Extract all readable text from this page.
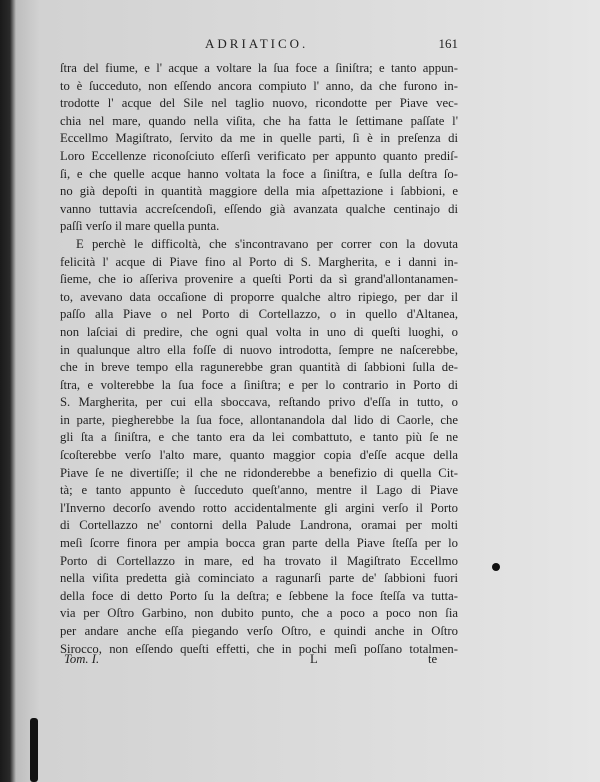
ADRIATICO.	161
ſtra del fiume, e l' acque a voltare la ſua foce a ſiniſtra; e tanto appun-
to è ſucceduto, non eſſendo ancora compiuto l' anno, da che furono in-
trodotte l' acque del Sile nel taglio nuovo, ricondotte per Piave vec-
chia nel mare, quando nella viſita, che ha fatta le ſettimane paſſate l'
Eccellmo Magiſtrato, ſervito da me in quelle parti, ſi è in preſenza di
Loro Eccellenze riconoſciuto eſſerſi verificato per appunto quanto prediſ-
ſi, e che quelle acque hanno voltata la foce a ſiniſtra, e ſulla deſtra ſo-
no già depoſti in quantità maggiore della mia aſpettazione i ſabbioni, e
vanno tuttavia accreſcendoſi, eſſendo già avanzata qualche centinajo di
paſſi verſo il mare quella punta.
E perchè le difficoltà, che s'incontravano per correr con la dovuta
felicità l' acque di Piave fino al Porto di S. Margherita, e i danni in-
ſieme, che io aſſeriva provenire a queſti Porti da sì grand'allontanamen-
to, avevano data occaſione di proporre qualche altro ripiego, per dar il
paſſo alla Piave o nel Porto di Cortellazzo, o in quello d'Altanea,
non laſciai di predire, che ogni qual volta in uno di queſti luoghi, o
in qualunque altro ella foſſe di nuovo introdotta, ſempre ne naſcerebbe,
che in breve tempo ella ragunerebbe gran quantità di ſabbioni ſulla de-
ſtra, e volterebbe la ſua foce a ſiniſtra; e per lo contrario in Porto di
S. Margherita, per cui ella sboccava, reſtando privo d'eſſa in tutto, o
in parte, piegherebbe la ſua foce, allontanandola dal lido di Caorle, che
gli ſta a ſiniſtra, e che tanto era da lei combattuto, e tanto più ſe ne
ſcoſterebbe verſo l'alto mare, quanto maggior copia d'eſſe acque della
Piave ſe ne divertiſſe; il che ne ridonderebbe a benefizio di quella Cit-
tà; e tanto appunto è ſucceduto queſt'anno, mentre il Lago di Piave
l'Inverno decorſo avendo rotto accidentalmente gli argini verſo il Porto
di Cortellazzo ne' contorni della Palude Landrona, oramai per molti
meſi ſcorre finora per ampia bocca gran parte della Piave ſteſſa per lo
Porto di Cortellazzo in mare, ed ha trovato il Magiſtrato Eccellmo
nella viſita predetta già cominciato a ragunarſi parte de' ſabbioni fuori
della foce di detto Porto ſu la deſtra; e ſebbene la foce ſteſſa va tutta-
via per Oſtro Garbino, non dubito punto, che a poco a poco non ſia
per andare anche eſſa piegando verſo Oſtro, e quindi anche in Oſtro
Sirocco, non eſſendo queſti effetti, che in pochi meſi poſſano totalmen-
Tom. I.	L	te
